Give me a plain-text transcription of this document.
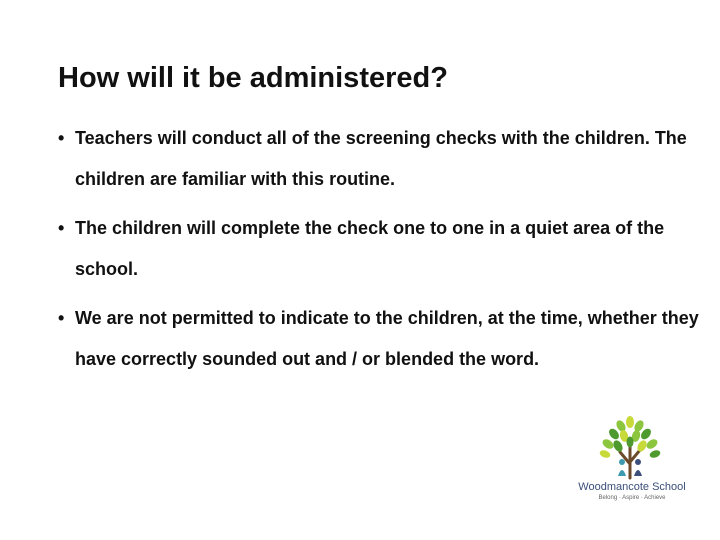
How will it be administered?
• Teachers will conduct all of the screening checks with the children. The children are familiar with this routine.
• The children will complete the check one to one in a quiet area of the school.
• We are not permitted to indicate to the children, at the time, whether they have correctly sounded out and / or blended the word.
Woodmancote School
Belong · Aspire · Achieve
